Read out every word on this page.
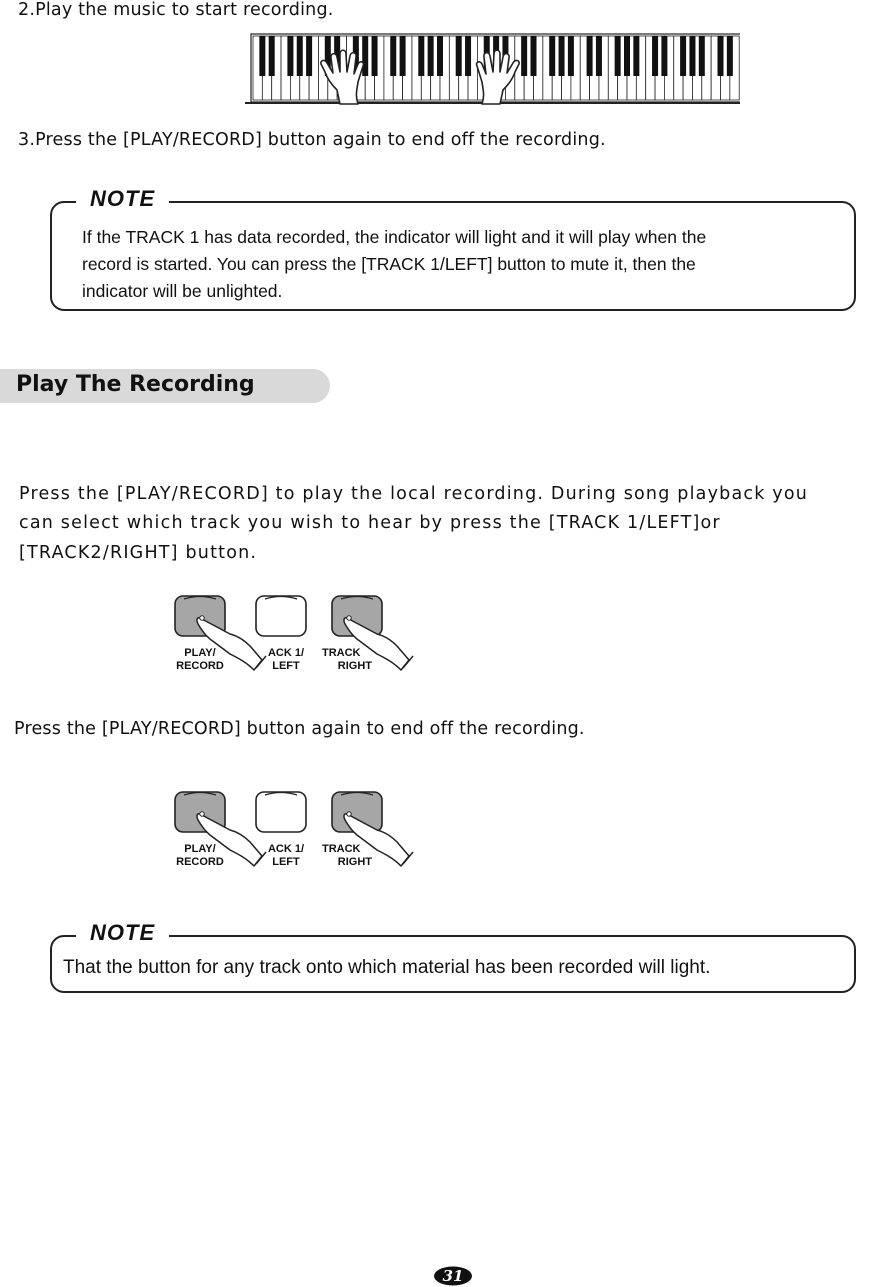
2.Play the music to start recording.
3.Press the [PLAY/RECORD] button again to end off the recording.
NOTE
If the TRACK 1 has data recorded, the indicator will light and it will play when the
record is started. You can press the [TRACK 1/LEFT] button to mute it, then the
indicator will be unlighted.
Play The Recording
Press the [PLAY/RECORD] to play the local recording. During song playback you
can select which track you wish to hear by press the [TRACK 1/LEFT]or
[TRACK2/RIGHT] button.
PLAY/
RECORD
ACK 1/
LEFT
TRACK
RIGHT
Press the [PLAY/RECORD] button again to end off the recording.
PLAY/
RECORD
ACK 1/
LEFT
TRACK
RIGHT
NOTE
That the button for any track onto which material has been recorded will light.
31
